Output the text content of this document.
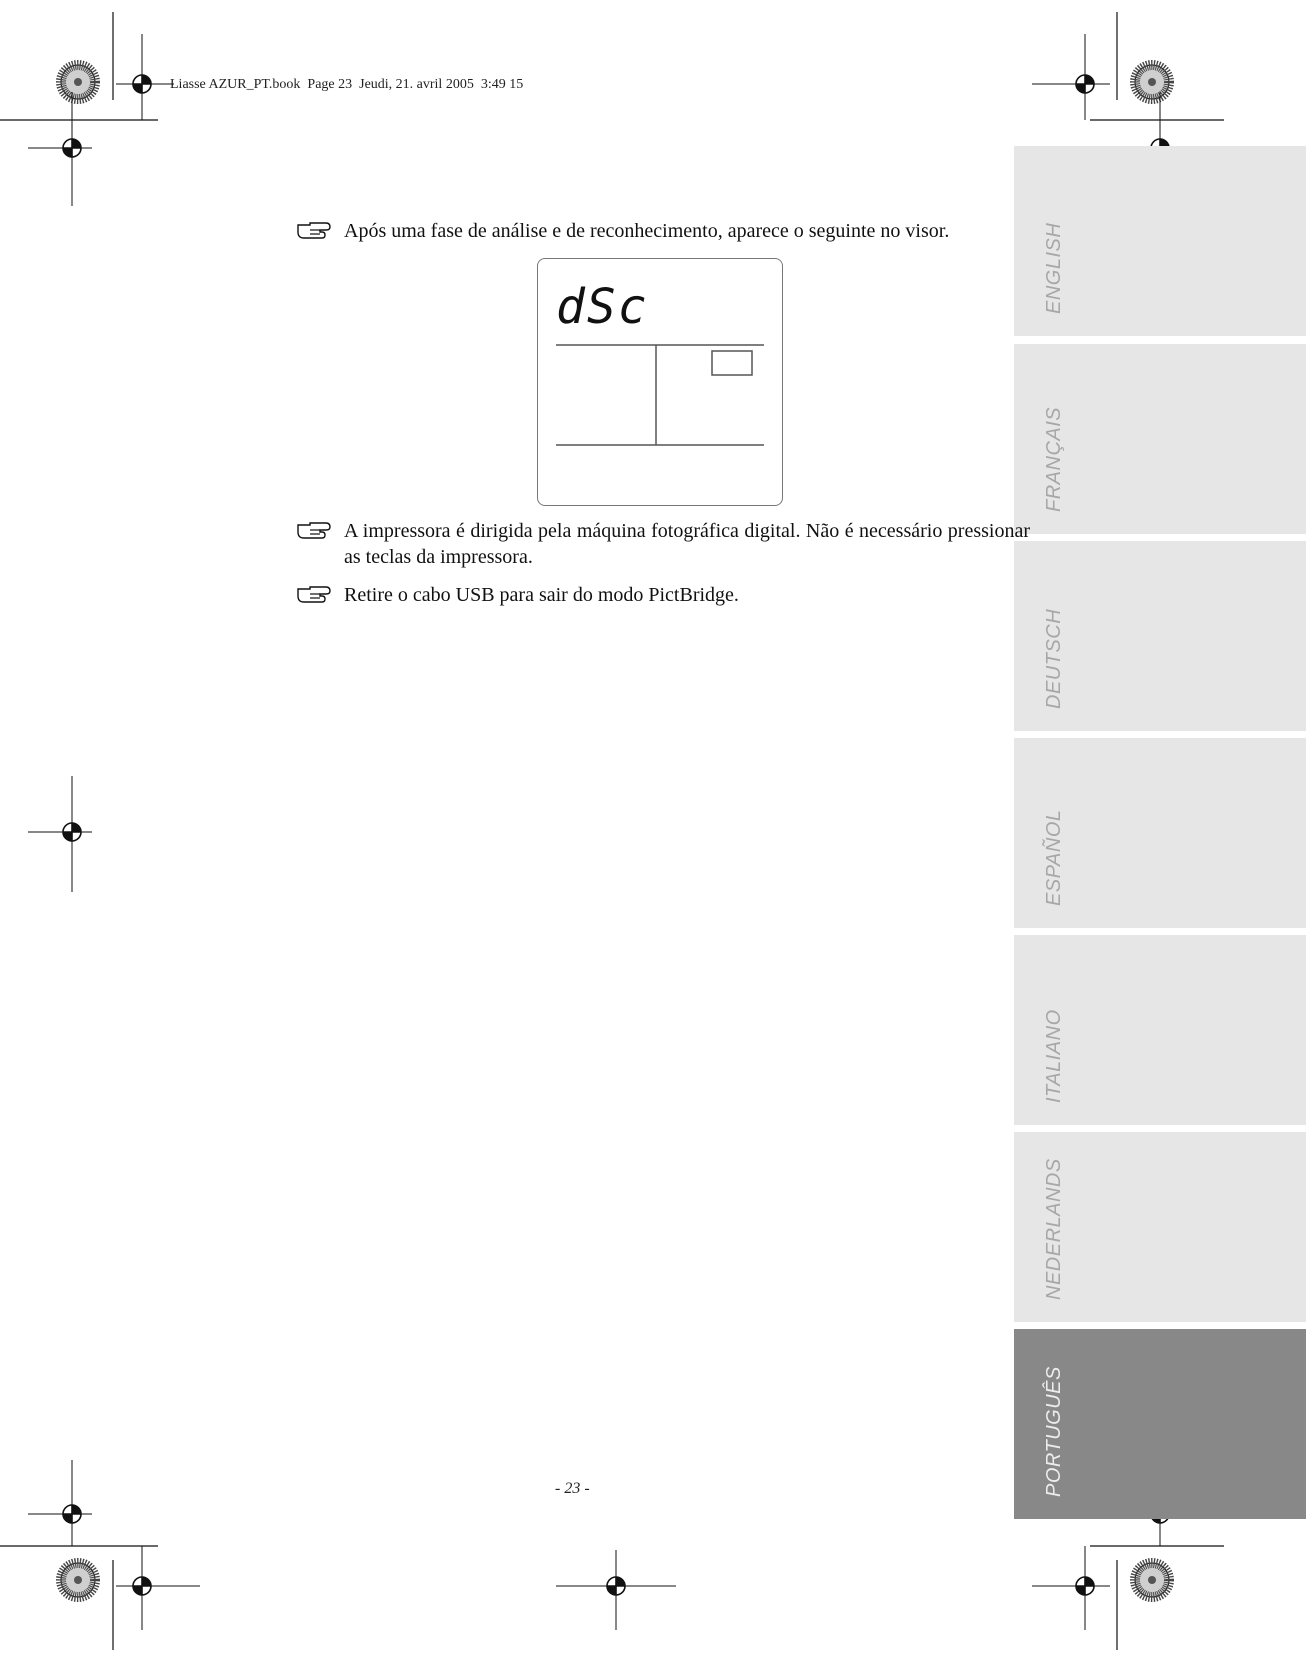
Liasse AZUR_PT.book  Page 23  Jeudi, 21. avril 2005  3:49 15
ENGLISH
FRANÇAIS
DEUTSCH
ESPAÑOL
ITALIANO
NEDERLANDS
PORTUGUÊS
Após uma fase de análise e de reconhecimento, aparece o seguinte no visor.
dSc
A impressora é dirigida pela máquina fotográfica digital. Não é necessário pressionar as teclas da impressora.
Retire o cabo USB para sair do modo PictBridge.
- 23 -
